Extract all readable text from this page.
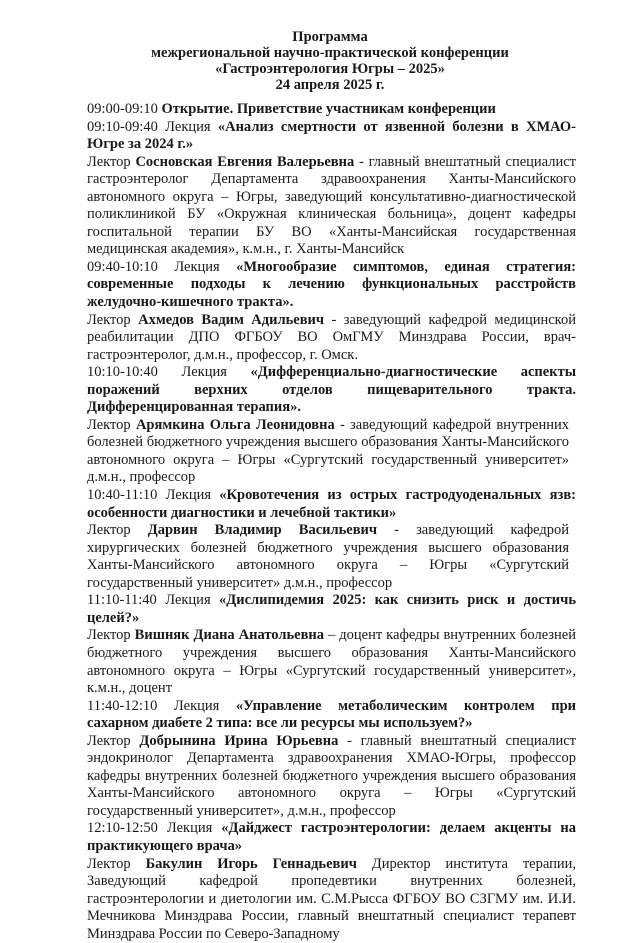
Программа
межрегиональной научно-практической конференции
«Гастроэнтерология Югры – 2025»
24 апреля 2025 г.

09:00-09:10 Открытие. Приветствие участникам конференции

09:10-09:40 Лекция «Анализ смертности от язвенной болезни в ХМАО-Югре за 2024 г.»

Лектор Сосновская Евгения Валерьевна - главный внештатный специалист гастроэнтеролог Департамента здравоохранения Ханты-Мансийского автономного округа – Югры, заведующий консультативно-диагностической поликлиникой БУ «Окружная клиническая больница», доцент кафедры госпитальной терапии БУ ВО «Ханты-Мансийская государственная медицинская академия», к.м.н., г. Ханты-Мансийск

09:40-10:10 Лекция «Многообразие симптомов, единая стратегия: современные подходы к лечению функциональных расстройств желудочно-кишечного тракта».

Лектор Ахмедов Вадим Адильевич - заведующий кафедрой медицинской реабилитации ДПО ФГБОУ ВО ОмГМУ Минздрава России, врач-гастроэнтеролог, д.м.н., профессор, г. Омск.

10:10-10:40 Лекция «Дифференциально-диагностические аспекты поражений верхних отделов пищеварительного тракта. Дифференцированная терапия».

Лектор Арямкина Ольга Леонидовна - заведующий кафедрой внутренних болезней бюджетного учреждения высшего образования Ханты-Мансийского автономного округа – Югры «Сургутский государственный университет» д.м.н., профессор

10:40-11:10 Лекция «Кровотечения из острых гастродуоденальных язв: особенности диагностики и лечебной тактики»

Лектор Дарвин Владимир Васильевич - заведующий кафедрой хирургических болезней бюджетного учреждения высшего образования Ханты-Мансийского автономного округа – Югры «Сургутский государственный университет» д.м.н., профессор

11:10-11:40 Лекция «Дислипидемия 2025: как снизить риск и достичь целей?»

Лектор Вишняк Диана Анатольевна – доцент кафедры внутренних болезней бюджетного учреждения высшего образования Ханты-Мансийского автономного округа – Югры «Сургутский государственный университет», к.м.н., доцент

11:40-12:10 Лекция «Управление метаболическим контролем при сахарном диабете 2 типа: все ли ресурсы мы используем?»

Лектор Добрынина Ирина Юрьевна - главный внештатный специалист эндокринолог Департамента здравоохранения ХМАО-Югры, профессор кафедры внутренних болезней бюджетного учреждения высшего образования Ханты-Мансийского автономного округа – Югры «Сургутский государственный университет», д.м.н., профессор

12:10-12:50 Лекция «Дайджест гастроэнтерологии: делаем акценты на практикующего врача»

Лектор Бакулин Игорь Геннадьевич Директор института терапии, Заведующий кафедрой пропедевтики внутренних болезней, гастроэнтерологии и диетологии им. С.М.Рысса ФГБОУ ВО СЗГМУ им. И.И. Мечникова Минздрава России, главный внештатный специалист терапевт Минздрава России по Северо-Западному
